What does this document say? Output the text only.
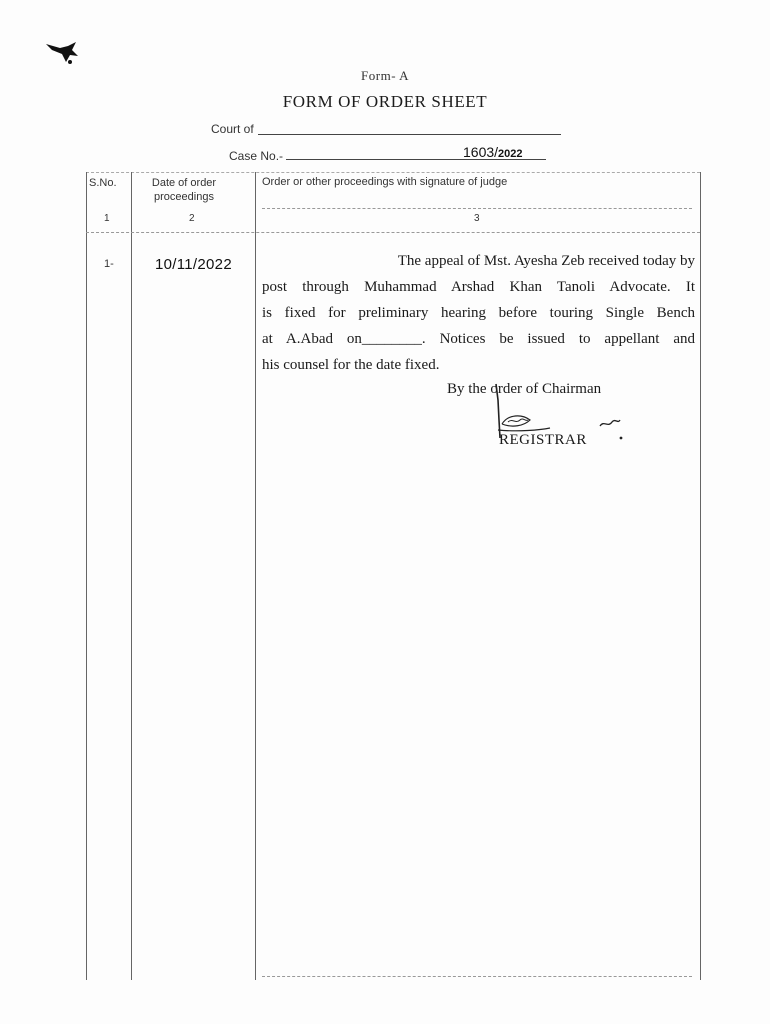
Form- A
FORM OF ORDER SHEET
Court of
Case No.-	1603/2022
S.No.	Date of order proceedings
Order or other proceedings with signature of judge
1	2	3
1-	10/11/2022	The appeal of Mst. Ayesha Zeb received today by
post through Muhammad Arshad Khan Tanoli Advocate. It
is fixed for preliminary hearing before touring Single Bench
at A.Abad on________. Notices be issued to appellant and
his counsel for the date fixed.
By the order of Chairman
REGISTRAR
